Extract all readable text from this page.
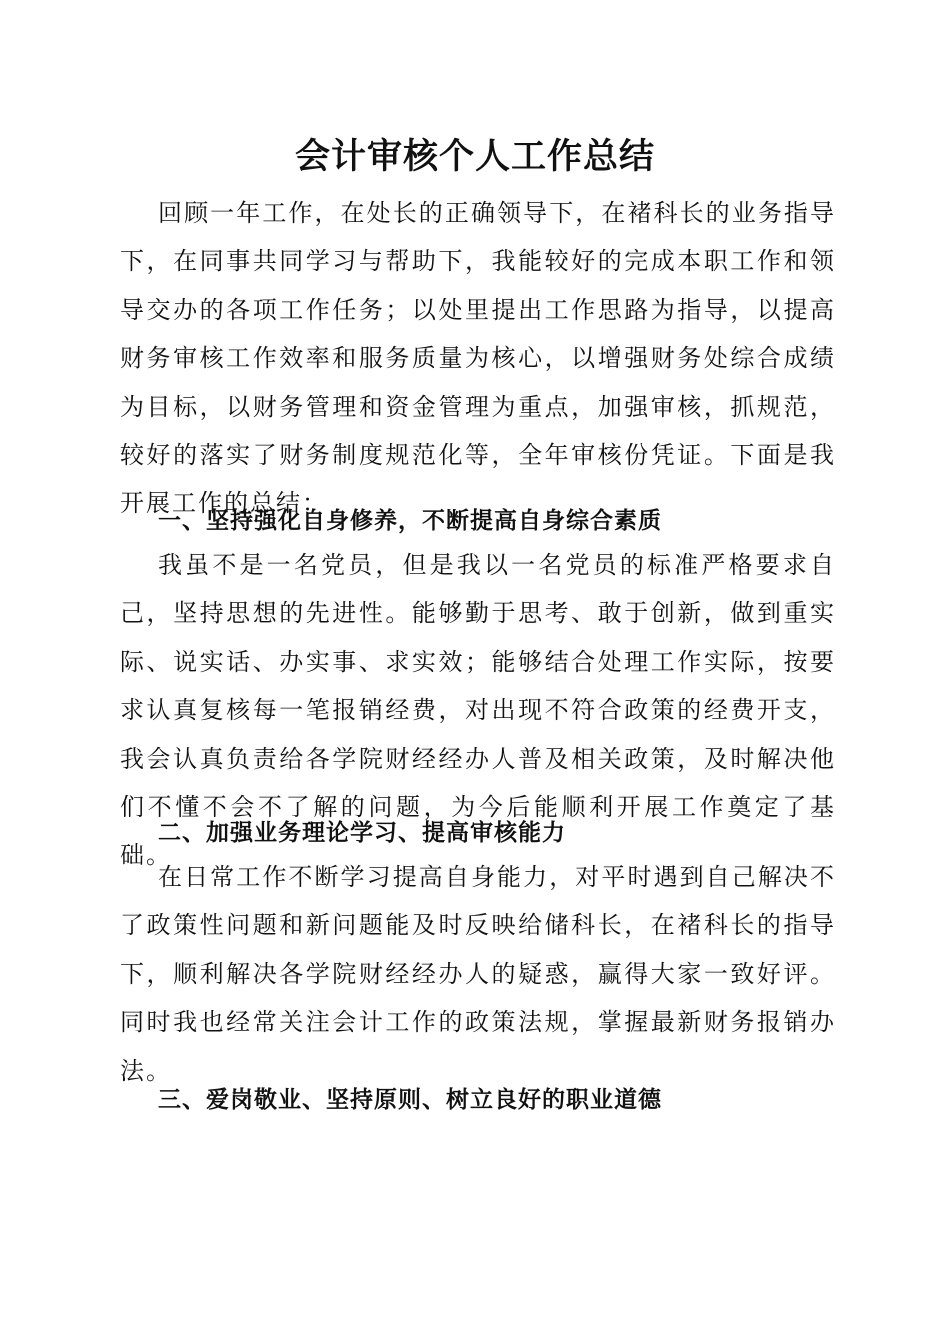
会计审核个人工作总结

回顾一年工作，在处长的正确领导下，在褚科长的业务指导下，在同事共同学习与帮助下，我能较好的完成本职工作和领导交办的各项工作任务；以处里提出工作思路为指导，以提高财务审核工作效率和服务质量为核心，以增强财务处综合成绩为目标，以财务管理和资金管理为重点，加强审核，抓规范，较好的落实了财务制度规范化等，全年审核份凭证。下面是我开展工作的总结：

一、坚持强化自身修养，不断提高自身综合素质

我虽不是一名党员，但是我以一名党员的标准严格要求自己，坚持思想的先进性。能够勤于思考、敢于创新，做到重实际、说实话、办实事、求实效；能够结合处理工作实际，按要求认真复核每一笔报销经费，对出现不符合政策的经费开支，我会认真负责给各学院财经经办人普及相关政策，及时解决他们不懂不会不了解的问题，为今后能顺利开展工作奠定了基础。

二、加强业务理论学习、提高审核能力

在日常工作不断学习提高自身能力，对平时遇到自己解决不了政策性问题和新问题能及时反映给储科长，在褚科长的指导下，顺利解决各学院财经经办人的疑惑，赢得大家一致好评。同时我也经常关注会计工作的政策法规，掌握最新财务报销办法。

三、爱岗敬业、坚持原则、树立良好的职业道德
